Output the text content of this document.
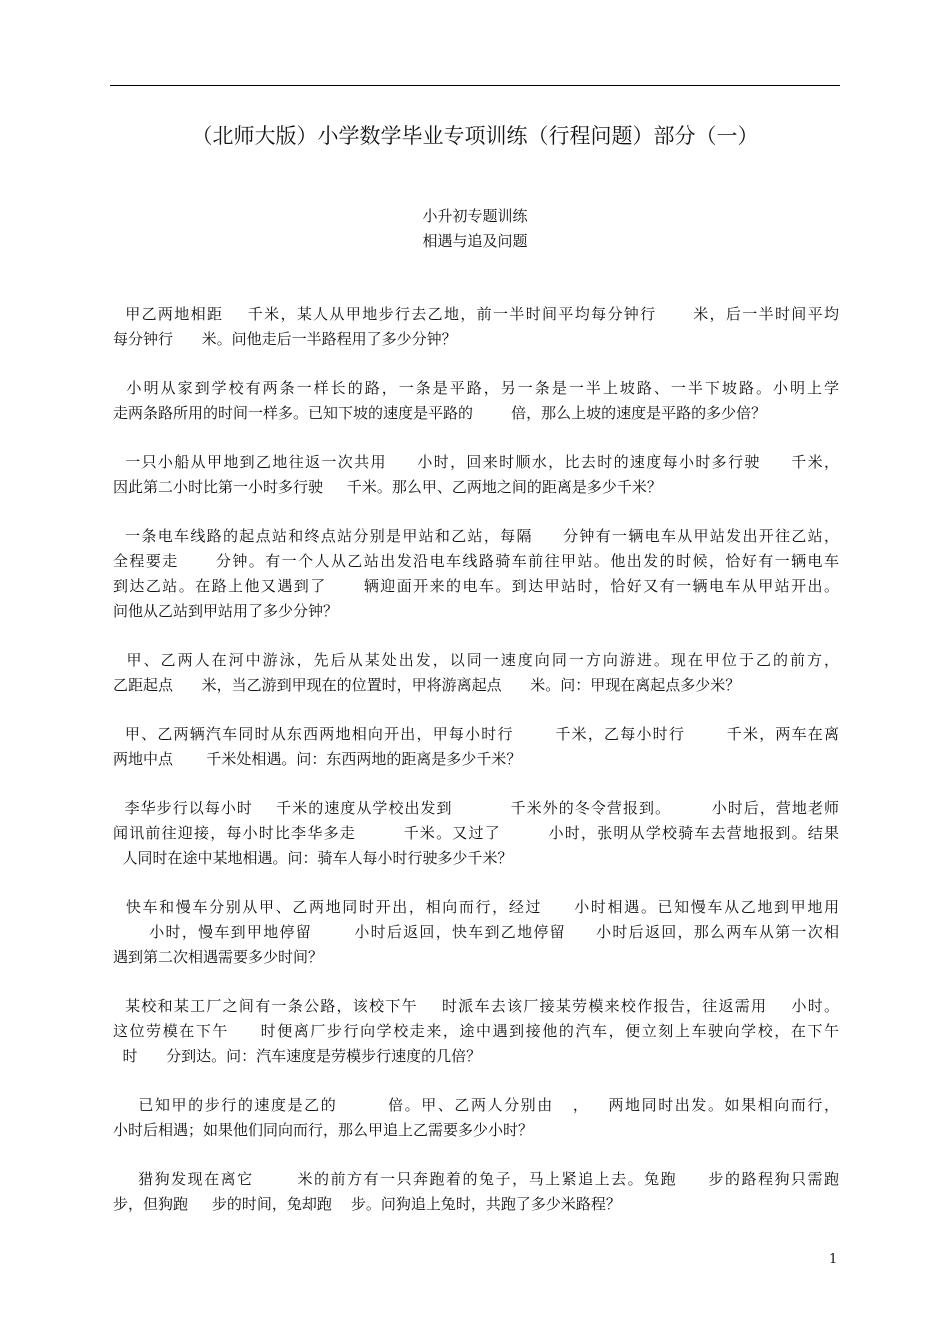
（北师大版）小学数学毕业专项训练（行程问题）部分（一）
小升初专题训练
相遇与追及问题
甲乙两地相距    千米，某人从甲地步行去乙地，前一半时间平均每分钟行      米，后一半时间平均
每分钟行      米。问他走后一半路程用了多少分钟？
小明从家到学校有两条一样长的路，一条是平路，另一条是一半上坡路、一半下坡路。小明上学
走两条路所用的时间一样多。已知下坡的速度是平路的        倍，那么上坡的速度是平路的多少倍？
一只小船从甲地到乙地往返一次共用     小时，回来时顺水，比去时的速度每小时多行驶     千米，
因此第二小时比第一小时多行驶     千米。那么甲、乙两地之间的距离是多少千米？
一条电车线路的起点站和终点站分别是甲站和乙站，每隔     分钟有一辆电车从甲站发出开往乙站，
全程要走      分钟。有一个人从乙站出发沿电车线路骑车前往甲站。他出发的时候，恰好有一辆电车
到达乙站。在路上他又遇到了      辆迎面开来的电车。到达甲站时，恰好又有一辆电车从甲站开出。
问他从乙站到甲站用了多少分钟？
甲、乙两人在河中游泳，先后从某处出发，以同一速度向同一方向游进。现在甲位于乙的前方，
乙距起点      米，当乙游到甲现在的位置时，甲将游离起点      米。问：甲现在离起点多少米？
甲、乙两辆汽车同时从东西两地相向开出，甲每小时行       千米，乙每小时行       千米，两车在离
两地中点       千米处相遇。问：东西两地的距离是多少千米？
李华步行以每小时    千米的速度从学校出发到          千米外的冬令营报到。       小时后，营地老师
闻讯前往迎接，每小时比李华多走        千米。又过了        小时，张明从学校骑车去营地报到。结果
人同时在途中某地相遇。问：骑车人每小时行驶多少千米？
快车和慢车分别从甲、乙两地同时开出，相向而行，经过     小时相遇。已知慢车从乙地到甲地用
小时，慢车到甲地停留       小时后返回，快车到乙地停留     小时后返回，那么两车从第一次相
遇到第二次相遇需要多少时间？
某校和某工厂之间有一条公路，该校下午    时派车去该厂接某劳模来校作报告，往返需用    小时。
这位劳模在下午     时便离厂步行向学校走来，途中遇到接他的汽车，便立刻上车驶向学校，在下午
时      分到达。问：汽车速度是劳模步行速度的几倍？
已知甲的步行的速度是乙的        倍。甲、乙两人分别由   ，   两地同时出发。如果相向而行，
小时后相遇；如果他们同向而行，那么甲追上乙需要多少小时？
猎狗发现在离它       米的前方有一只奔跑着的兔子，马上紧追上去。兔跑     步的路程狗只需跑
步，但狗跑     步的时间，兔却跑    步。问狗追上兔时，共跑了多少米路程？
1
